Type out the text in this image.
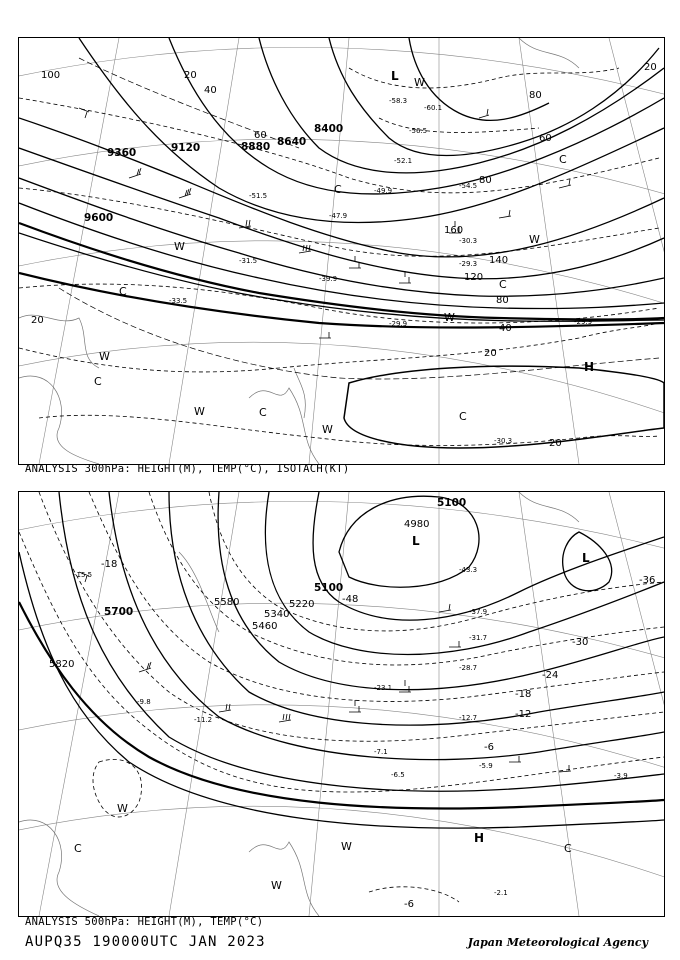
9360	9120	8880 8640
8400
9600
100	20
40
60
80
160
140
120
80
40
20
20
20
60
80
20
-52.1
-51.5
-56.5
-58.3
-60.1
-54.5
-49.9
-47.9
-39.9
-30.3
-29.3
-29.9
-31.5
-33.5
-29.9
-30.3
L
H
W
W
C
W
C
W
W
C	C
W
C
W
C
C
ANALYSIS 300hPa: HEIGHT(M), TEMP(°C), ISOTACH(KT)
5100
4980
5100
5220
5340
5460
5580
5700
5820
-18
-30
-24
-18
-12
-6
-36
-6
-48
-43.3
-37.9
-31.7
-28.7
-23.1
-12.7
-7.1
-6.5
-5.9
-3.9
-2.1
-11.2
-9.8
-15.5
L
L
H
W
W
W
C
C
ANALYSIS 500hPa: HEIGHT(M), TEMP(°C)
AUPQ35 190000UTC JAN 2023	Japan Meteorological Agency
